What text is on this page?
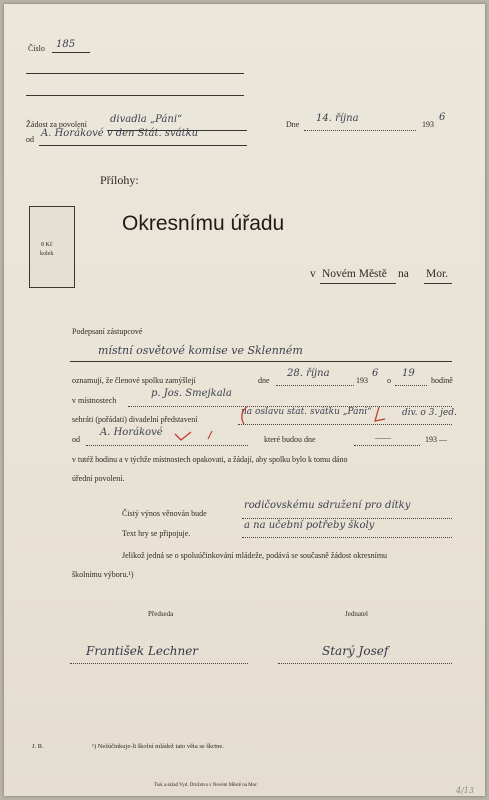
Číslo 185
Žádost za povolení divadla „Páni“	Dne
14. října
193
6
od
A. Horákové v den Stát. svátku
Přílohy:
8 Kč
kolek
Okresnímu úřadu
v Novém Městě na Mor.
Podepsaní zástupcové
místní osvětové komise ve Sklenném
oznamují, že členové spolku zamýšlejí	dne
28. října
193
6
o
19
hodině
v místnostech
p. Jos. Smejkala
sehráti (pořádati) divadelní představení
na oslavu stát. svátku „Páni“	div. o 3. jed.
od
A. Horákové
které budou dne	——	193 —
v tutéž hodinu a v týchže místnostech opakovati, a žádají, aby spolku bylo k tomu dáno
úřední povolení.
Čistý výnos věnován bude
rodičovskému sdružení pro dítky
Text hry se připojuje.
a na učební potřeby školy
Jelikož jedná se o spoluúčinkování mládeže, podává se současně žádost okresnímu
školnímu výboru.¹)
Předseda	Jednatel
František Lechner	Starý Josef
J. R.	¹) Nešúčinkuje-li školní mládež tato věta se škrtne.
Tisk a sklad Vyd. Družstva v Novém Městě na Mor.
4/13
